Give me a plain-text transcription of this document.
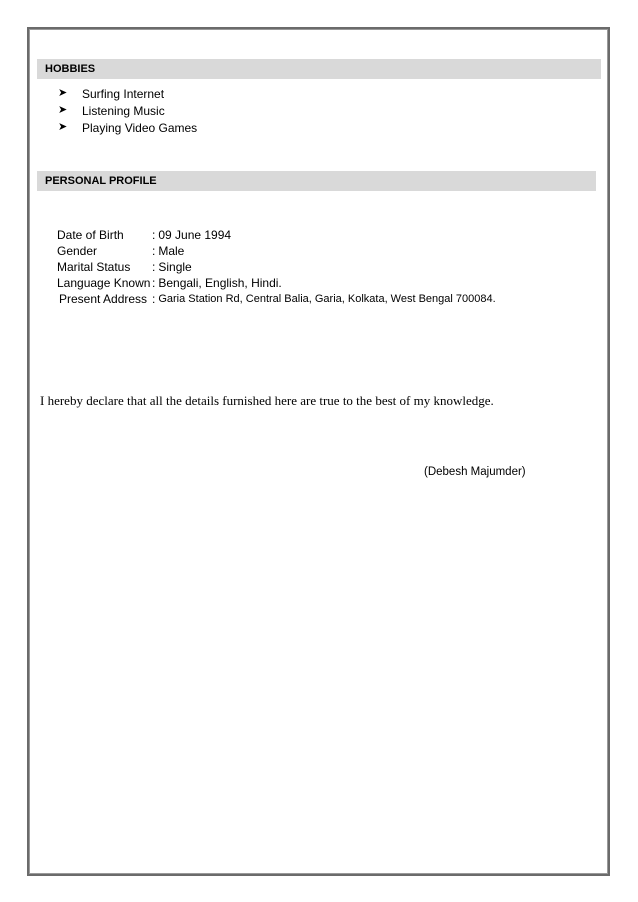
HOBBIES
➤	Surfing Internet
➤	Listening Music
➤	Playing Video Games
PERSONAL PROFILE
Date of Birth	: 09 June 1994
Gender	: Male
Marital Status	: Single
Language Known : Bengali, English, Hindi.
Present Address : Garia Station Rd, Central Balia, Garia, Kolkata, West Bengal 700084.
I hereby declare that all the details furnished here are true to the best of my knowledge.
(Debesh Majumder)
